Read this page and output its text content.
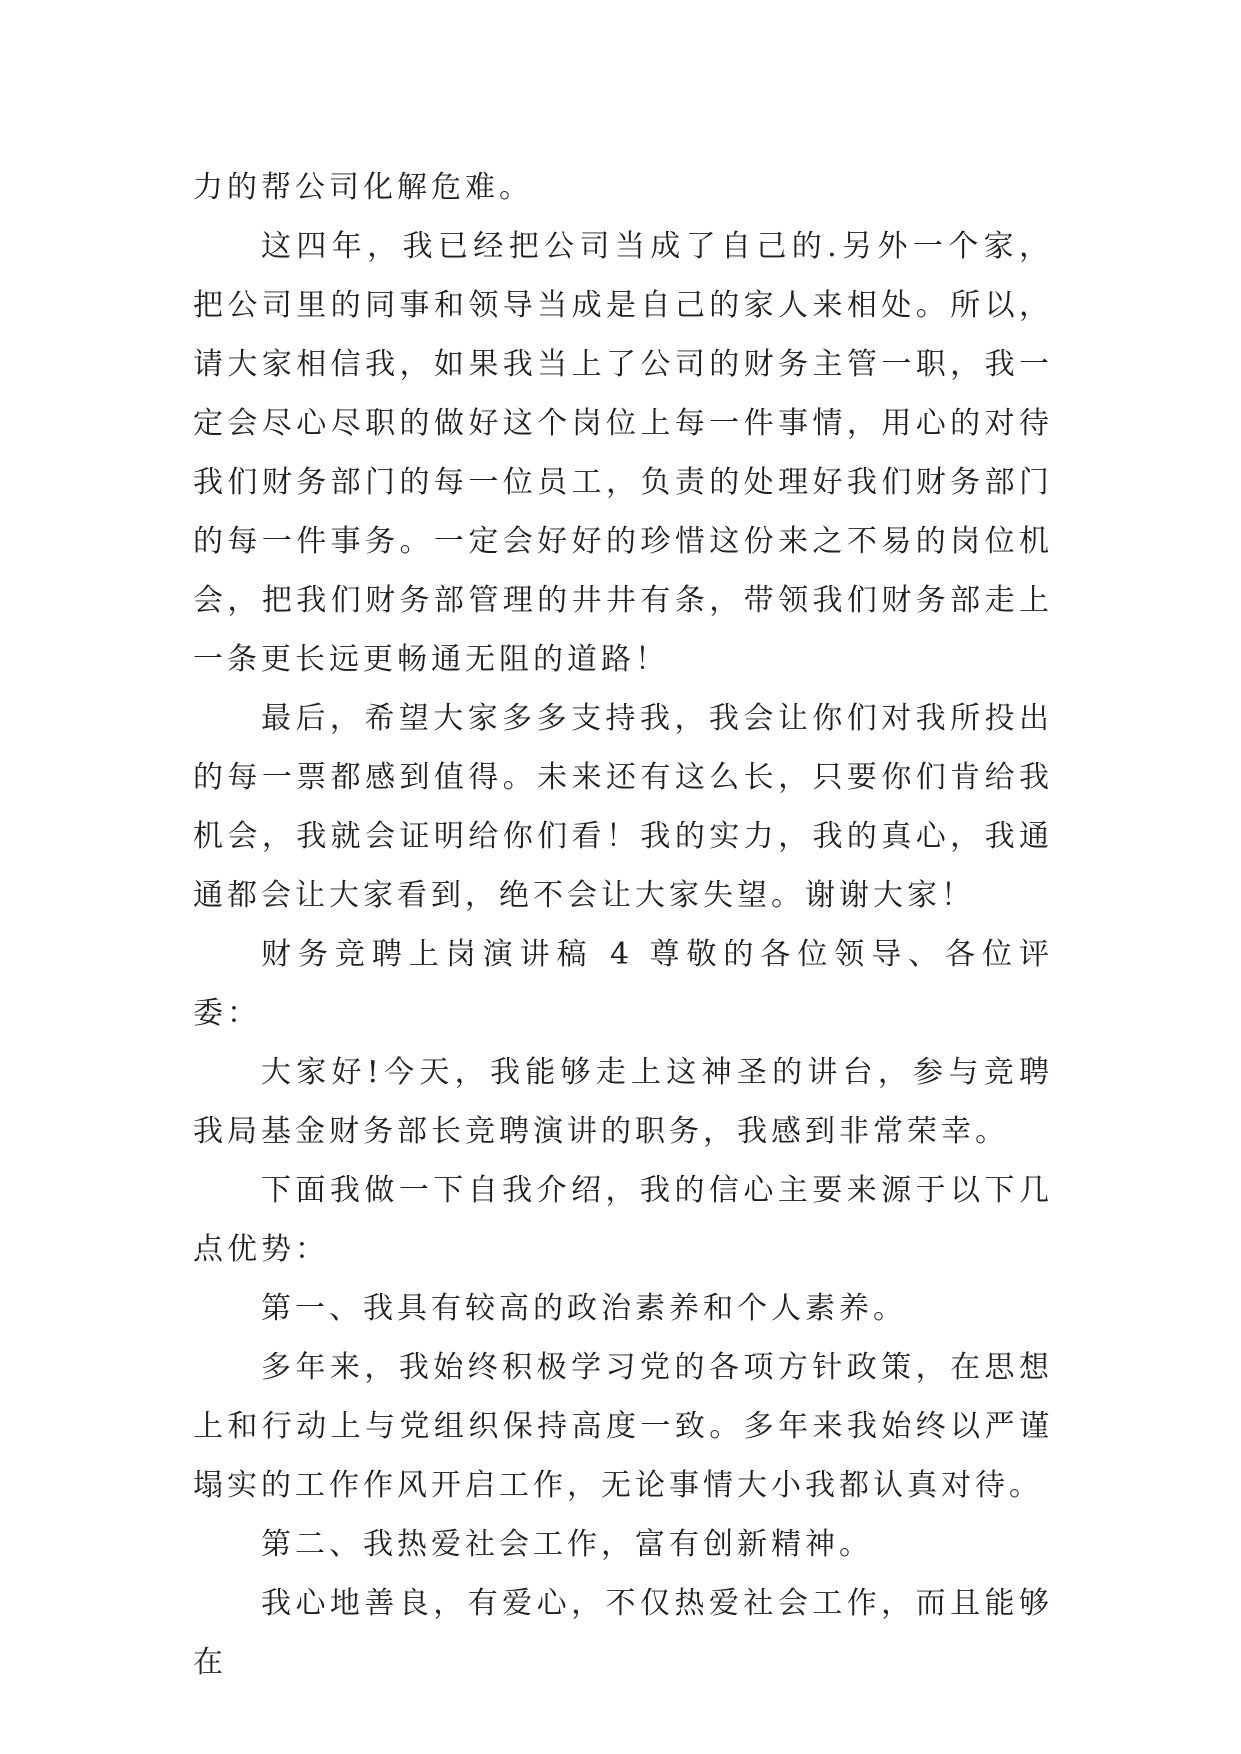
力的帮公司化解危难。

这四年，我已经把公司当成了自己的.另外一个家，把公司里的同事和领导当成是自己的家人来相处。所以，请大家相信我，如果我当上了公司的财务主管一职，我一定会尽心尽职的做好这个岗位上每一件事情，用心的对待我们财务部门的每一位员工，负责的处理好我们财务部门的每一件事务。一定会好好的珍惜这份来之不易的岗位机会，把我们财务部管理的井井有条，带领我们财务部走上一条更长远更畅通无阻的道路！

最后，希望大家多多支持我，我会让你们对我所投出的每一票都感到值得。未来还有这么长，只要你们肯给我机会，我就会证明给你们看！我的实力，我的真心，我通通都会让大家看到，绝不会让大家失望。谢谢大家！

财务竞聘上岗演讲稿 4 尊敬的各位领导、各位评委：

大家好!今天，我能够走上这神圣的讲台，参与竞聘我局基金财务部长竞聘演讲的职务，我感到非常荣幸。

下面我做一下自我介绍，我的信心主要来源于以下几点优势：

第一、我具有较高的政治素养和个人素养。

多年来，我始终积极学习党的各项方针政策，在思想上和行动上与党组织保持高度一致。多年来我始终以严谨塌实的工作作风开启工作，无论事情大小我都认真对待。

第二、我热爱社会工作，富有创新精神。

我心地善良，有爱心，不仅热爱社会工作，而且能够在
